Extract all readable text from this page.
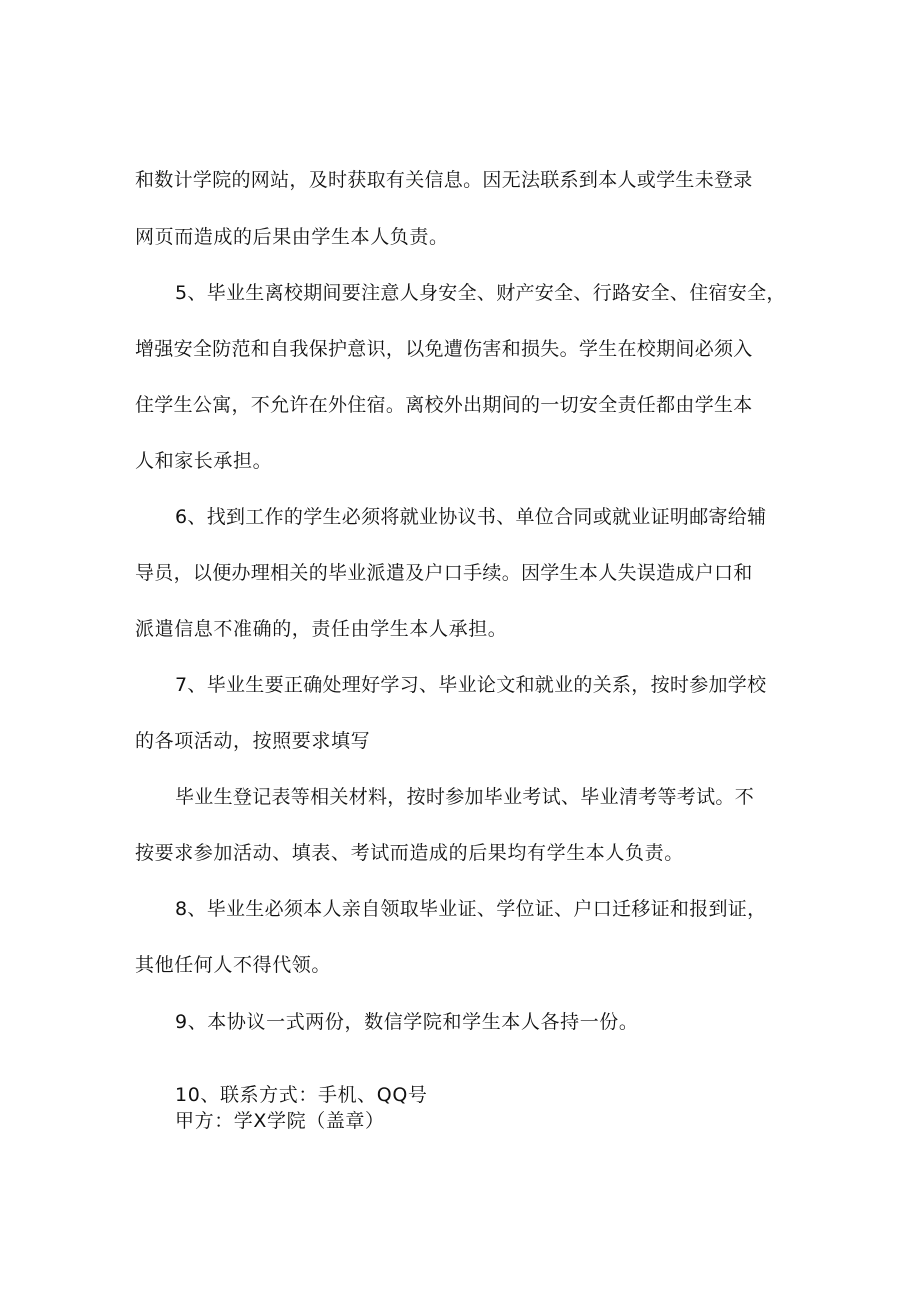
和数计学院的网站，及时获取有关信息。因无法联系到本人或学生未登录
网页而造成的后果由学生本人负责。
5、毕业生离校期间要注意人身安全、财产安全、行路安全、住宿安全，
增强安全防范和自我保护意识，以免遭伤害和损失。学生在校期间必须入
住学生公寓，不允许在外住宿。离校外出期间的一切安全责任都由学生本
人和家长承担。
6、找到工作的学生必须将就业协议书、单位合同或就业证明邮寄给辅
导员，以便办理相关的毕业派遣及户口手续。因学生本人失误造成户口和
派遣信息不准确的，责任由学生本人承担。
7、毕业生要正确处理好学习、毕业论文和就业的关系，按时参加学校
的各项活动，按照要求填写
毕业生登记表等相关材料，按时参加毕业考试、毕业清考等考试。不
按要求参加活动、填表、考试而造成的后果均有学生本人负责。
8、毕业生必须本人亲自领取毕业证、学位证、户口迁移证和报到证，
其他任何人不得代领。
9、本协议一式两份，数信学院和学生本人各持一份。
10、联系方式：手机、QQ号
甲方：学X学院（盖章）
